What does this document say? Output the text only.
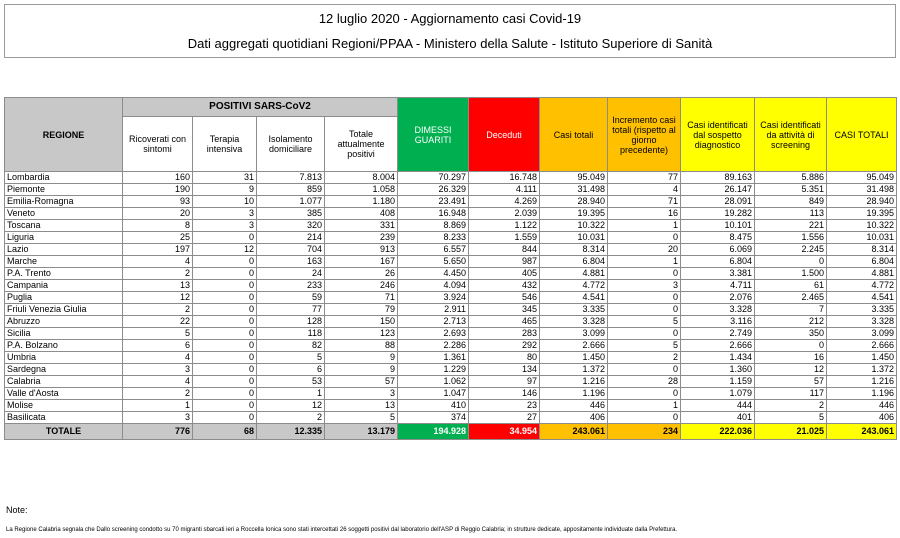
12 luglio 2020 - Aggiornamento casi Covid-19
Dati aggregati quotidiani Regioni/PPAA - Ministero della Salute - Istituto Superiore di Sanità
REGIONE	POSITIVI SARS-CoV2				DIMESSI GUARITI	Deceduti	Casi totali	Incremento casi totali (rispetto al giorno precedente)	Casi identificati dal sospetto diagnostico	Casi identificati da attività di screening	CASI TOTALI
	Ricoverati con sintomi	Terapia intensiva	Isolamento domiciliare	Totale attualmente positivi							
Lombardia	160	31	7.813	8.004	70.297	16.748	95.049	77	89.163	5.886	95.049
Piemonte	190	9	859	1.058	26.329	4.111	31.498	4	26.147	5.351	31.498
Emilia-Romagna	93	10	1.077	1.180	23.491	4.269	28.940	71	28.091	849	28.940
Veneto	20	3	385	408	16.948	2.039	19.395	16	19.282	113	19.395
Toscana	8	3	320	331	8.869	1.122	10.322	1	10.101	221	10.322
Liguria	25	0	214	239	8.233	1.559	10.031	0	8.475	1.556	10.031
Lazio	197	12	704	913	6.557	844	8.314	20	6.069	2.245	8.314
Marche	4	0	163	167	5.650	987	6.804	1	6.804	0	6.804
P.A. Trento	2	0	24	26	4.450	405	4.881	0	3.381	1.500	4.881
Campania	13	0	233	246	4.094	432	4.772	3	4.711	61	4.772
Puglia	12	0	59	71	3.924	546	4.541	0	2.076	2.465	4.541
Friuli Venezia Giulia	2	0	77	79	2.911	345	3.335	0	3.328	7	3.335
Abruzzo	22	0	128	150	2.713	465	3.328	5	3.116	212	3.328
Sicilia	5	0	118	123	2.693	283	3.099	0	2.749	350	3.099
P.A. Bolzano	6	0	82	88	2.286	292	2.666	5	2.666	0	2.666
Umbria	4	0	5	9	1.361	80	1.450	2	1.434	16	1.450
Sardegna	3	0	6	9	1.229	134	1.372	0	1.360	12	1.372
Calabria	4	0	53	57	1.062	97	1.216	28	1.159	57	1.216
Valle d'Aosta	2	0	1	3	1.047	146	1.196	0	1.079	117	1.196
Molise	1	0	12	13	410	23	446	1	444	2	446
Basilicata	3	0	2	5	374	27	406	0	401	5	406
TOTALE	776	68	12.335	13.179	194.928	34.954	243.061	234	222.036	21.025	243.061
Note:
La Regione Calabria segnala che Dallo screening condotto su 70 migranti sbarcati ieri a Roccella Ionica sono stati intercettati 26 soggetti positivi dal laboratorio dell'ASP di Reggio Calabria; in strutture dedicate, appositamente individuate dalla Prefettura.
